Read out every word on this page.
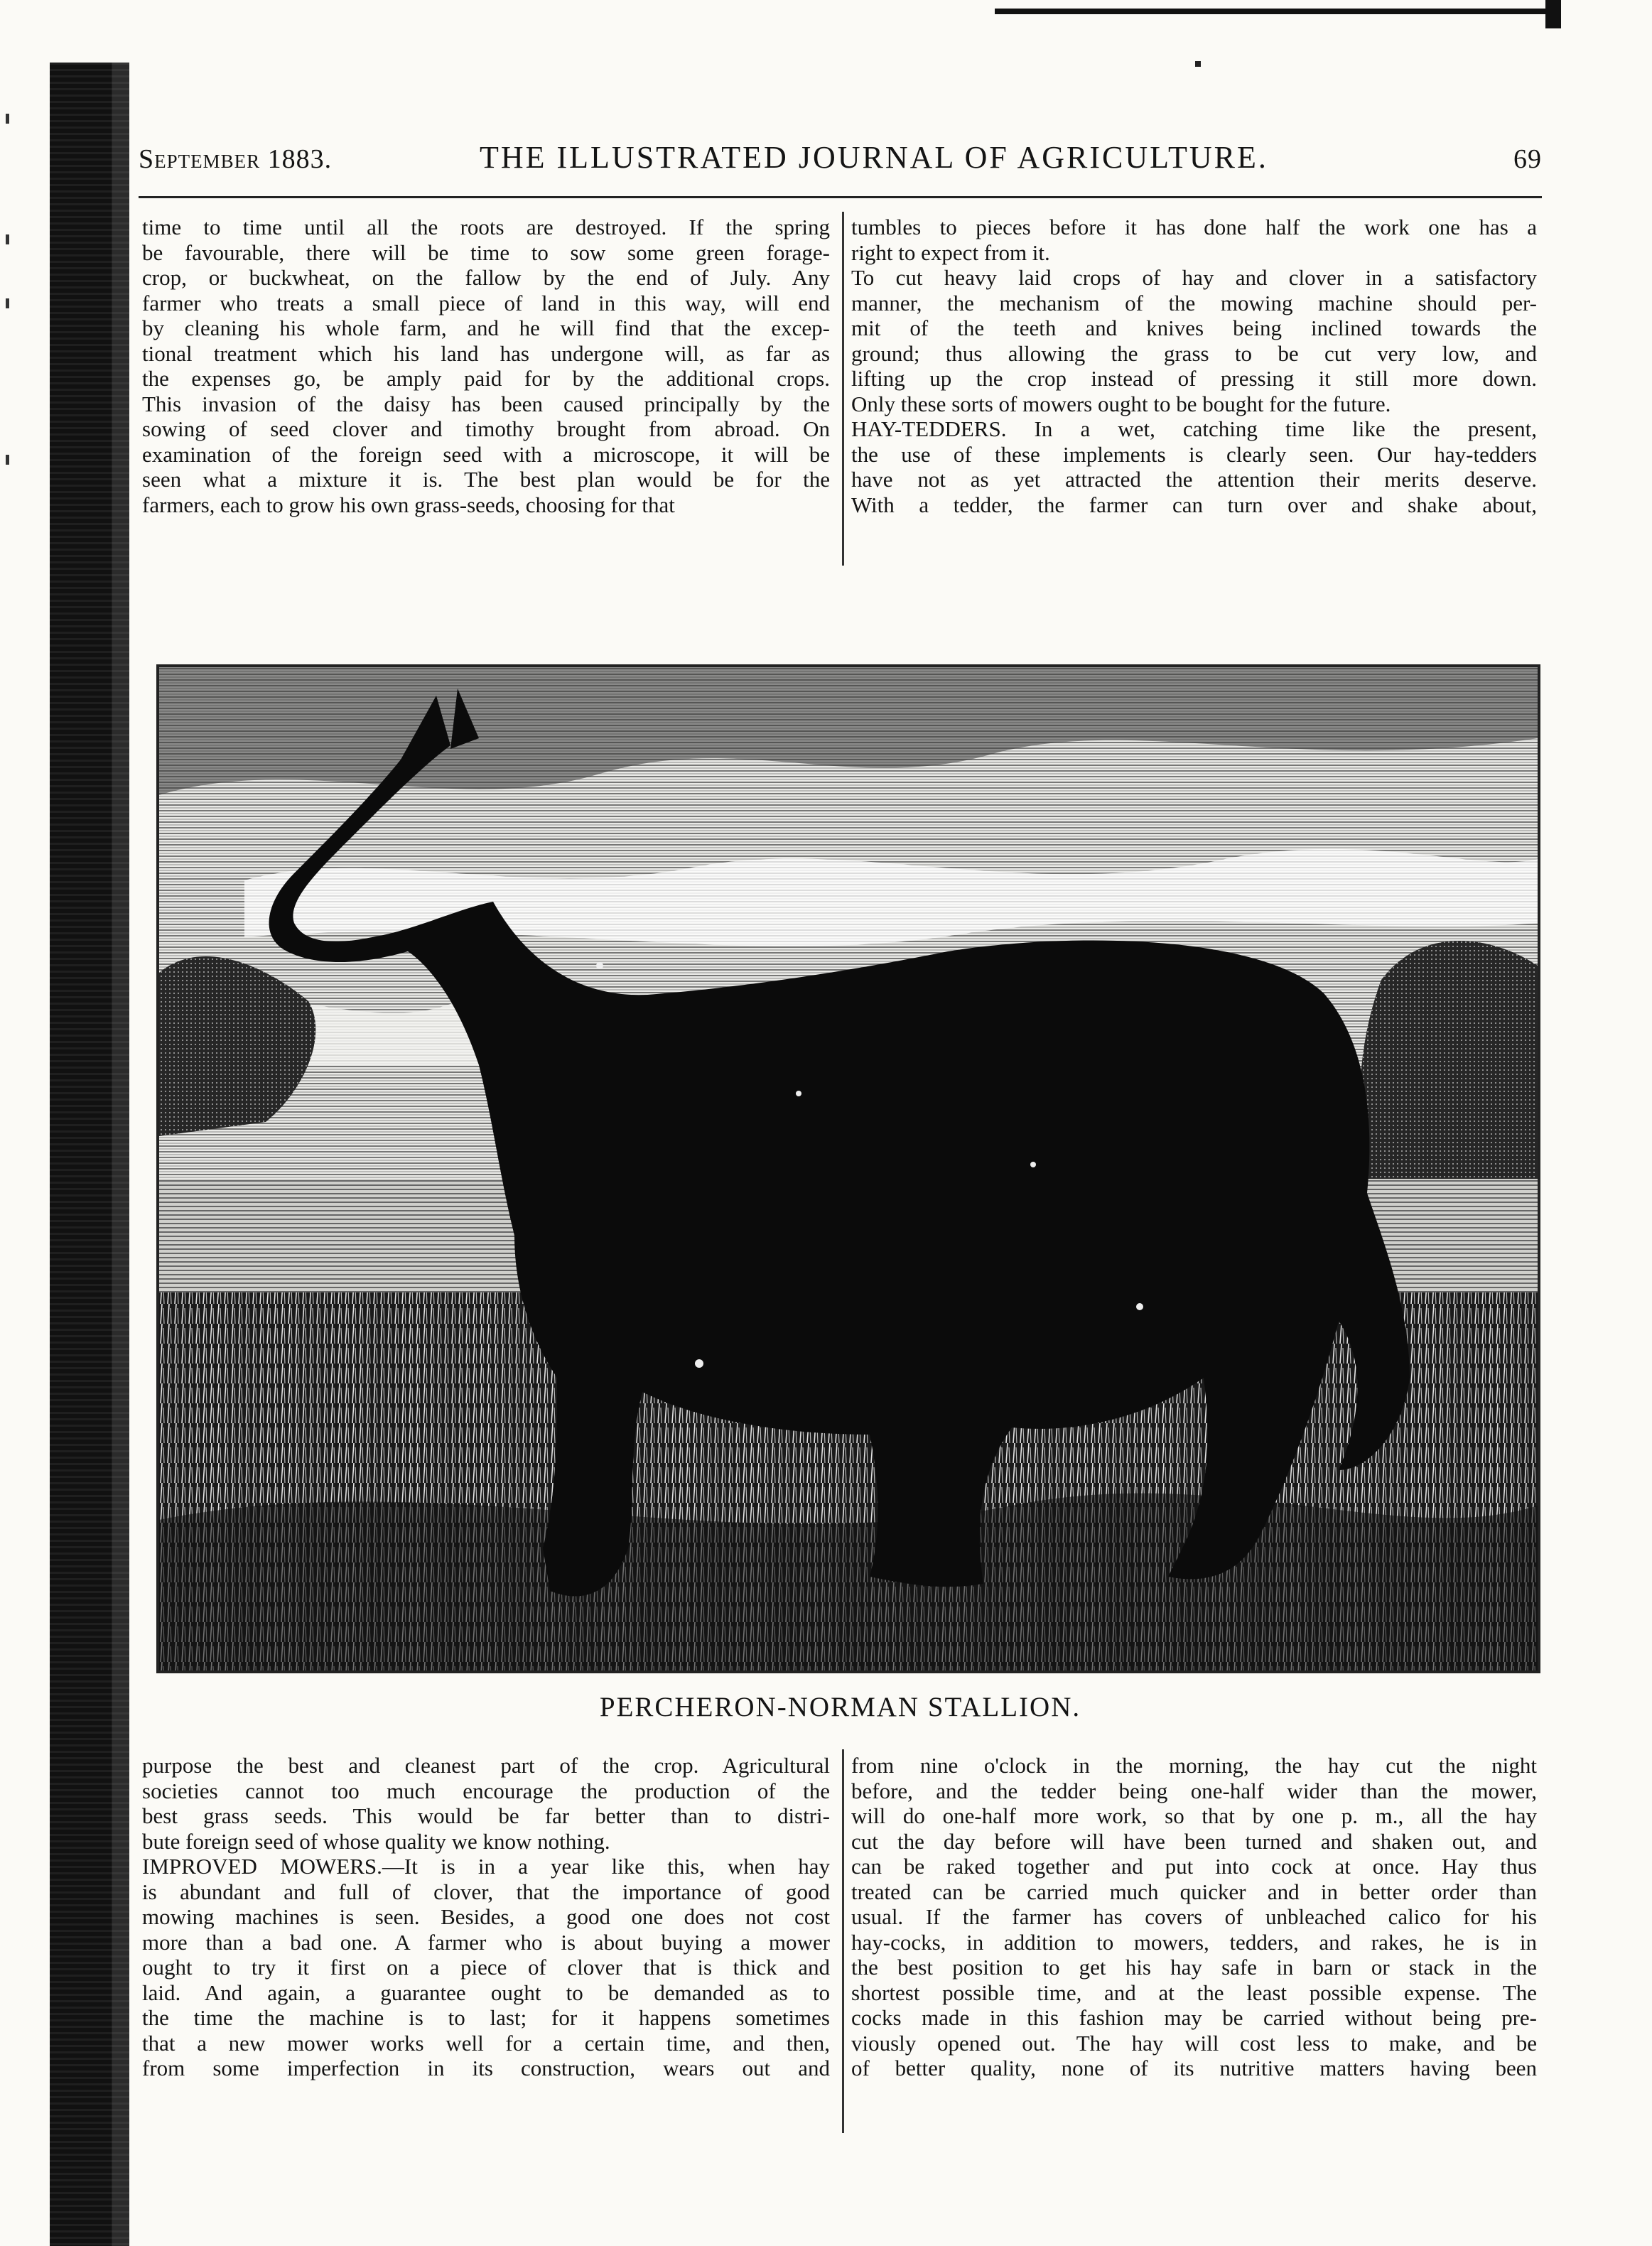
September 1883.	THE ILLUSTRATED JOURNAL OF AGRICULTURE.	69
time to time until all the roots are destroyed. If the spring
be favourable, there will be time to sow some green forage-
crop, or buckwheat, on the fallow by the end of July. Any
farmer who treats a small piece of land in this way, will end
by cleaning his whole farm, and he will find that the excep-
tional treatment which his land has undergone will, as far as
the expenses go, be amply paid for by the additional crops.
This invasion of the daisy has been caused principally by the
sowing of seed clover and timothy brought from abroad. On
examination of the foreign seed with a microscope, it will be
seen what a mixture it is. The best plan would be for the
farmers, each to grow his own grass-seeds, choosing for that
tumbles to pieces before it has done half the work one has a
right to expect from it.
To cut heavy laid crops of hay and clover in a satisfactory
manner, the mechanism of the mowing machine should per-
mit of the teeth and knives being inclined towards the
ground; thus allowing the grass to be cut very low, and
lifting up the crop instead of pressing it still more down.
Only these sorts of mowers ought to be bought for the future.
HAY-TEDDERS. In a wet, catching time like the present,
the use of these implements is clearly seen. Our hay-tedders
have not as yet attracted the attention their merits deserve.
With a tedder, the farmer can turn over and shake about,
PERCHERON-NORMAN STALLION.
purpose the best and cleanest part of the crop. Agricultural
societies cannot too much encourage the production of the
best grass seeds. This would be far better than to distri-
bute foreign seed of whose quality we know nothing.
IMPROVED MOWERS.—It is in a year like this, when hay
is abundant and full of clover, that the importance of good
mowing machines is seen. Besides, a good one does not cost
more than a bad one. A farmer who is about buying a mower
ought to try it first on a piece of clover that is thick and
laid. And again, a guarantee ought to be demanded as to
the time the machine is to last; for it happens sometimes
that a new mower works well for a certain time, and then,
from some imperfection in its construction, wears out and
from nine o'clock in the morning, the hay cut the night
before, and the tedder being one-half wider than the mower,
will do one-half more work, so that by one p. m., all the hay
cut the day before will have been turned and shaken out, and
can be raked together and put into cock at once. Hay thus
treated can be carried much quicker and in better order than
usual. If the farmer has covers of unbleached calico for his
hay-cocks, in addition to mowers, tedders, and rakes, he is in
the best position to get his hay safe in barn or stack in the
shortest possible time, and at the least possible expense. The
cocks made in this fashion may be carried without being pre-
viously opened out. The hay will cost less to make, and be
of better quality, none of its nutritive matters having been
